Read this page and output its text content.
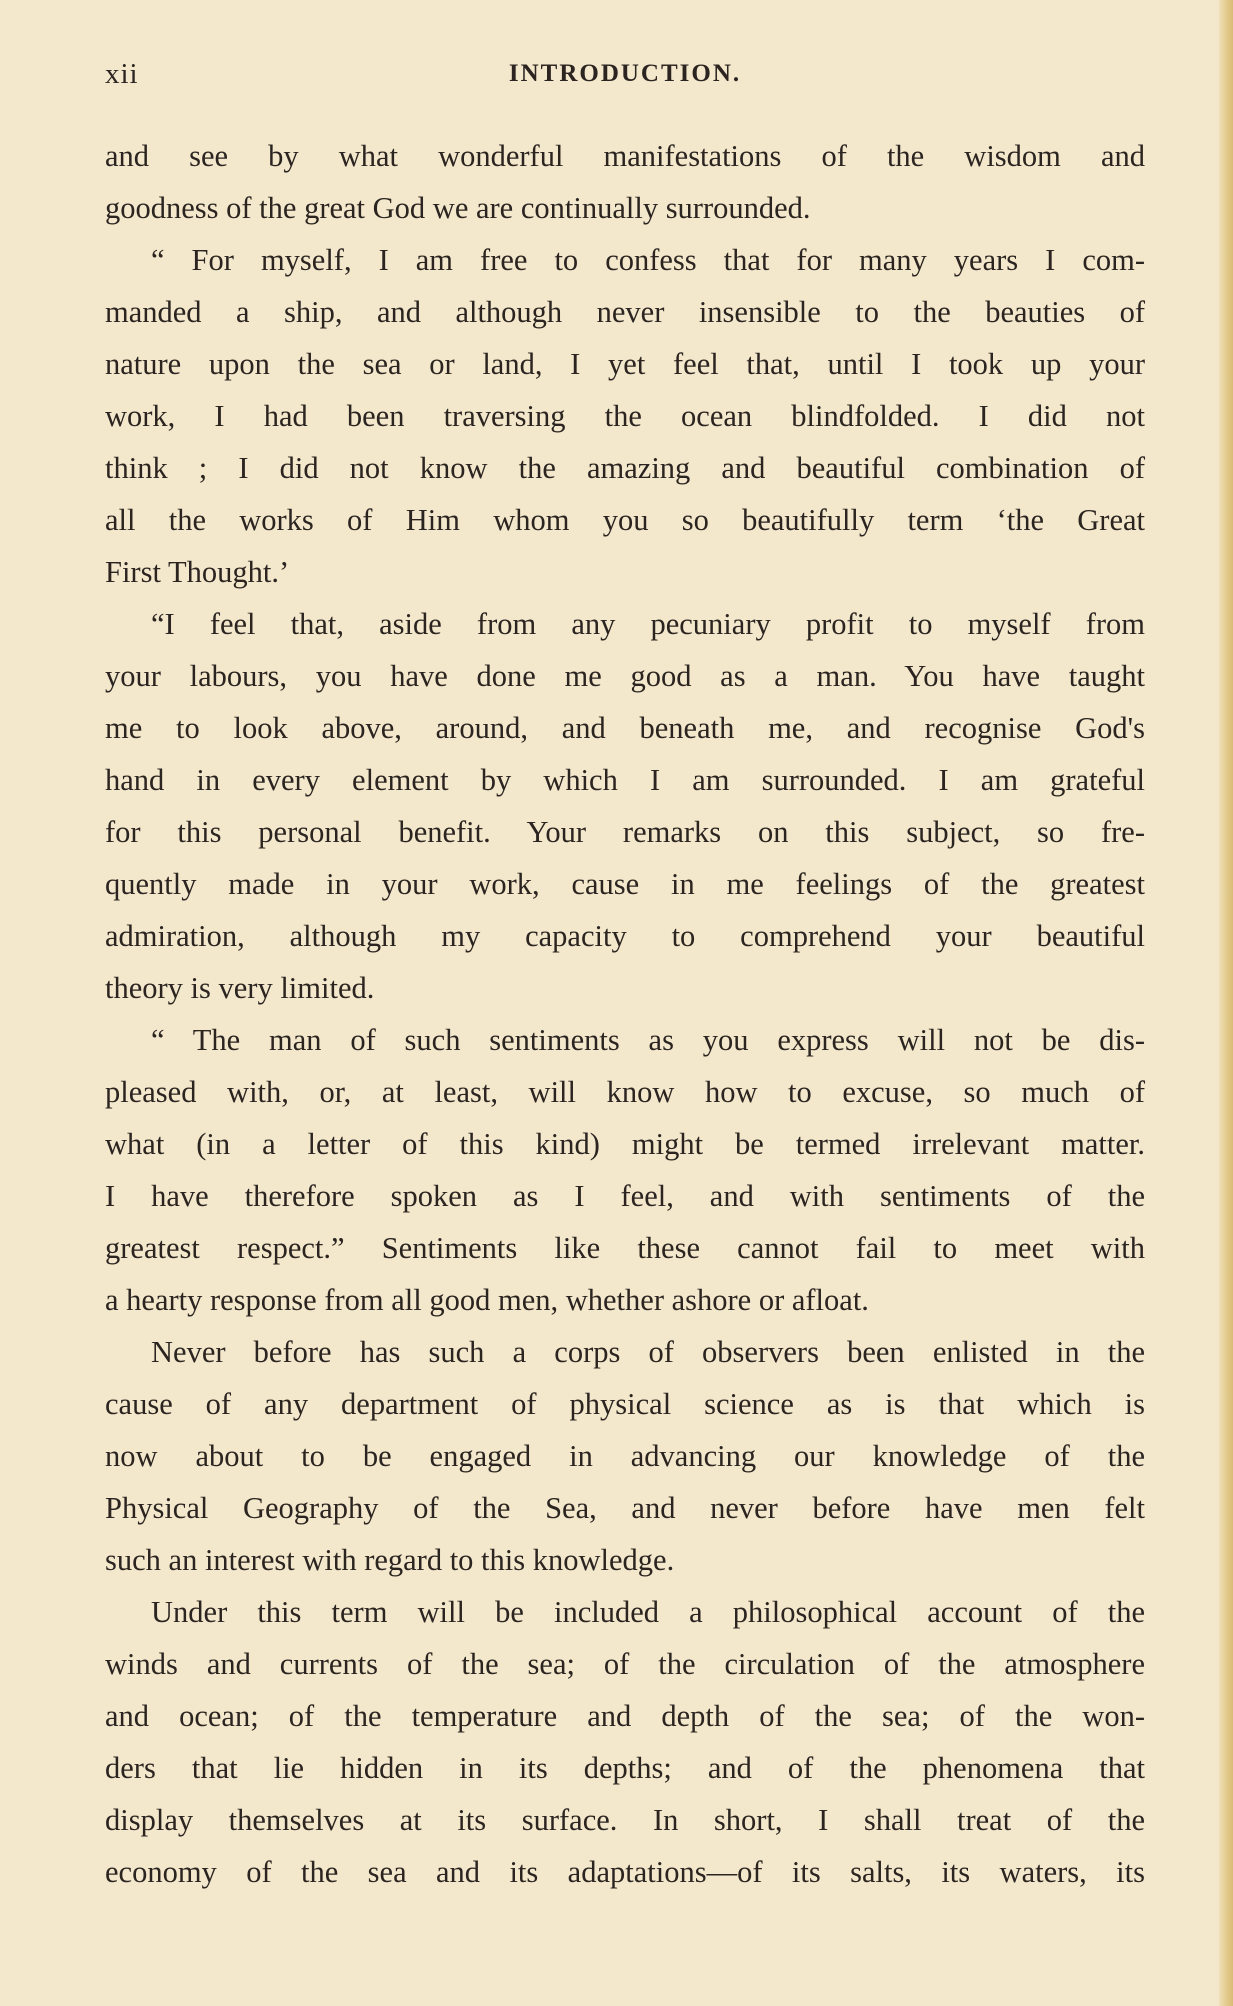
xii	INTRODUCTION.
and see by what wonderful manifestations of the wisdom and
goodness of the great God we are continually surrounded.
“ For myself, I am free to confess that for many years I com-
manded a ship, and although never insensible to the beauties of
nature upon the sea or land, I yet feel that, until I took up your
work, I had been traversing the ocean blindfolded. I did not
think ; I did not know the amazing and beautiful combination of
all the works of Him whom you so beautifully term ‘the Great
First Thought.’
“I feel that, aside from any pecuniary profit to myself from
your labours, you have done me good as a man. You have taught
me to look above, around, and beneath me, and recognise God's
hand in every element by which I am surrounded. I am grateful
for this personal benefit. Your remarks on this subject, so fre-
quently made in your work, cause in me feelings of the greatest
admiration, although my capacity to comprehend your beautiful
theory is very limited.
“ The man of such sentiments as you express will not be dis-
pleased with, or, at least, will know how to excuse, so much of
what (in a letter of this kind) might be termed irrelevant matter.
I have therefore spoken as I feel, and with sentiments of the
greatest respect.” Sentiments like these cannot fail to meet with
a hearty response from all good men, whether ashore or afloat.
Never before has such a corps of observers been enlisted in the
cause of any department of physical science as is that which is
now about to be engaged in advancing our knowledge of the
Physical Geography of the Sea, and never before have men felt
such an interest with regard to this knowledge.
Under this term will be included a philosophical account of the
winds and currents of the sea; of the circulation of the atmosphere
and ocean; of the temperature and depth of the sea; of the won-
ders that lie hidden in its depths; and of the phenomena that
display themselves at its surface. In short, I shall treat of the
economy of the sea and its adaptations—of its salts, its waters, its
